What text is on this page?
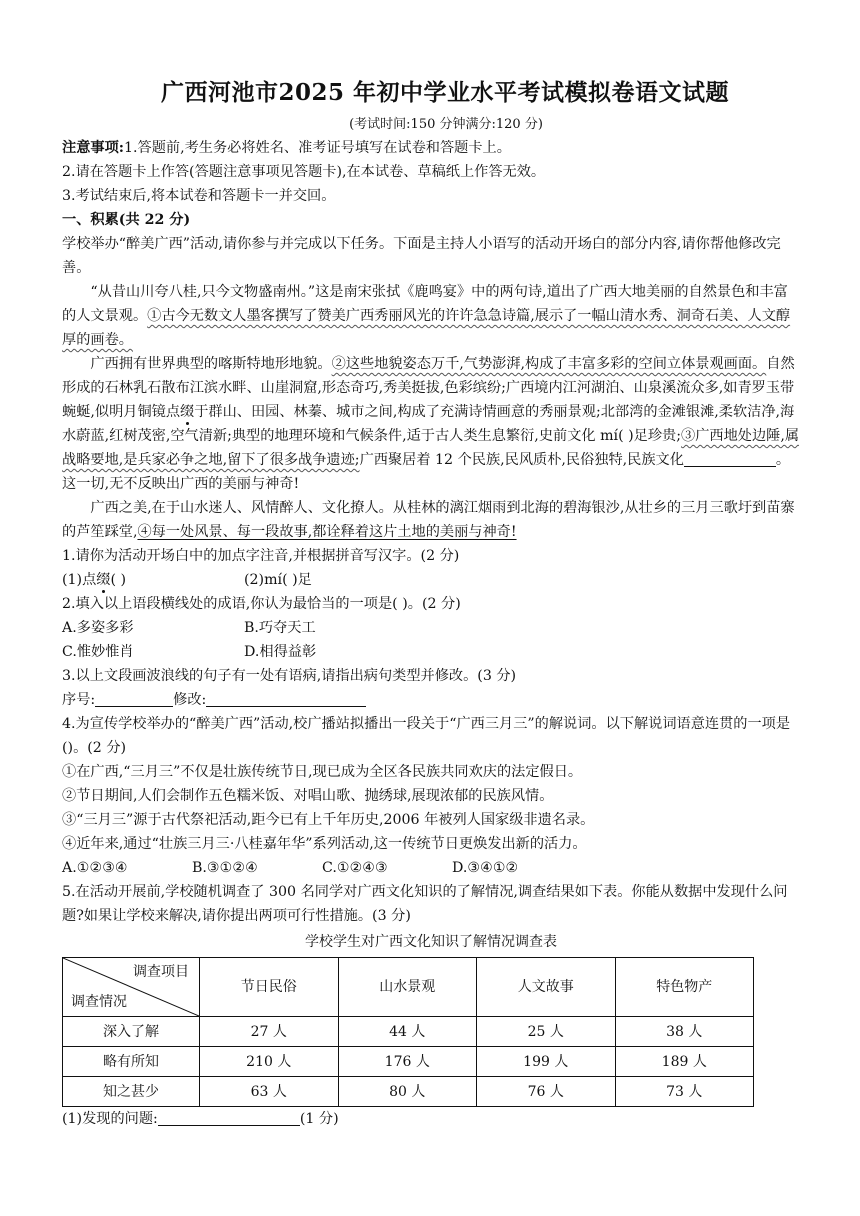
广西河池市2025 年初中学业水平考试模拟卷语文试题
(考试时间:150 分钟满分:120 分)

注意事项:1.答题前,考生务必将姓名、准考证号填写在试卷和答题卡上。

2.请在答题卡上作答(答题注意事项见答题卡),在本试卷、草稿纸上作答无效。

3.考试结束后,将本试卷和答题卡一并交回。

一、积累(共 22 分)

学校举办“醉美广西”活动,请你参与并完成以下任务。下面是主持人小语写的活动开场白的部分内容,请你帮他修改完善。

“从昔山川夸八桂,只今文物盛南州。”这是南宋张拭《鹿鸣宴》中的两句诗,道出了广西大地美丽的自然景色和丰富的人文景观。①古今无数文人墨客撰写了赞美广西秀丽风光的许许急急诗篇,展示了一幅山清水秀、洞奇石美、人文醇厚的画卷。

广西拥有世界典型的喀斯特地形地貌。②这些地貌姿态万千,气势澎湃,构成了丰富多彩的空间立体景观画面。自然形成的石林乳石散布江滨水畔、山崖洞窟,形态奇巧,秀美挺拔,色彩缤纷;广西境内江河湖泊、山泉溪流众多,如青罗玉带蜿蜒,似明月铜镜点缀于群山、田园、林蓁、城市之间,构成了充满诗情画意的秀丽景观;北部湾的金滩银滩,柔软洁净,海水蔚蓝,红树茂密,空气清新;典型的地理环境和气候条件,适于古人类生息繁衍,史前文化 mí( )足珍贵;③广西地处边陲,属战略要地,是兵家必争之地,留下了很多战争遗迹;广西聚居着 12 个民族,民风质朴,民俗独特,民族文化	。这一切,无不反映出广西的美丽与神奇!

广西之美,在于山水迷人、风情醉人、文化撩人。从桂林的漓江烟雨到北海的碧海银沙,从壮乡的三月三歌圩到苗寨的芦笙踩堂,④每一处风景、每一段故事,都诠释着这片土地的美丽与神奇!

1.请你为活动开场白中的加点字注音,并根据拼音写汉字。(2 分)

(1)点缀( )	(2)mí( )足

2.填入以上语段横线处的成语,你认为最恰当的一项是( )。(2 分)

A.多姿多彩	B.巧夺天工
C.惟妙惟肖	D.相得益彰

3.以上文段画波浪线的句子有一处有语病,请指出病句类型并修改。(3 分)

序号:	修改:

4.为宣传学校举办的“醉美广西”活动,校广播站拟播出一段关于“广西三月三”的解说词。以下解说词语意连贯的一项是()。(2 分)

①在广西,“三月三”不仅是壮族传统节日,现已成为全区各民族共同欢庆的法定假日。

②节日期间,人们会制作五色糯米饭、对唱山歌、抛绣球,展现浓郁的民族风情。

③“三月三”源于古代祭祀活动,距今已有上千年历史,2006 年被列人国家级非遗名录。

④近年来,通过“壮族三月三·八桂嘉年华”系列活动,这一传统节日更焕发出新的活力。

A.①②③④	B.③①②④	C.①②④③	D.③④①②

5.在活动开展前,学校随机调查了 300 名同学对广西文化知识的了解情况,调查结果如下表。你能从数据中发现什么问题?如果让学校来解决,请你提出两项可行性措施。(3 分)

学校学生对广西文化知识了解情况调查表
调查项目
调查情况	节日民俗	山水景观	人文故事	特色物产
深入了解	27 人	44 人	25 人	38 人
略有所知	210 人	176 人	199 人	189 人
知之甚少	63 人	80 人	76 人	73 人

(1)发现的问题:	(1 分)
